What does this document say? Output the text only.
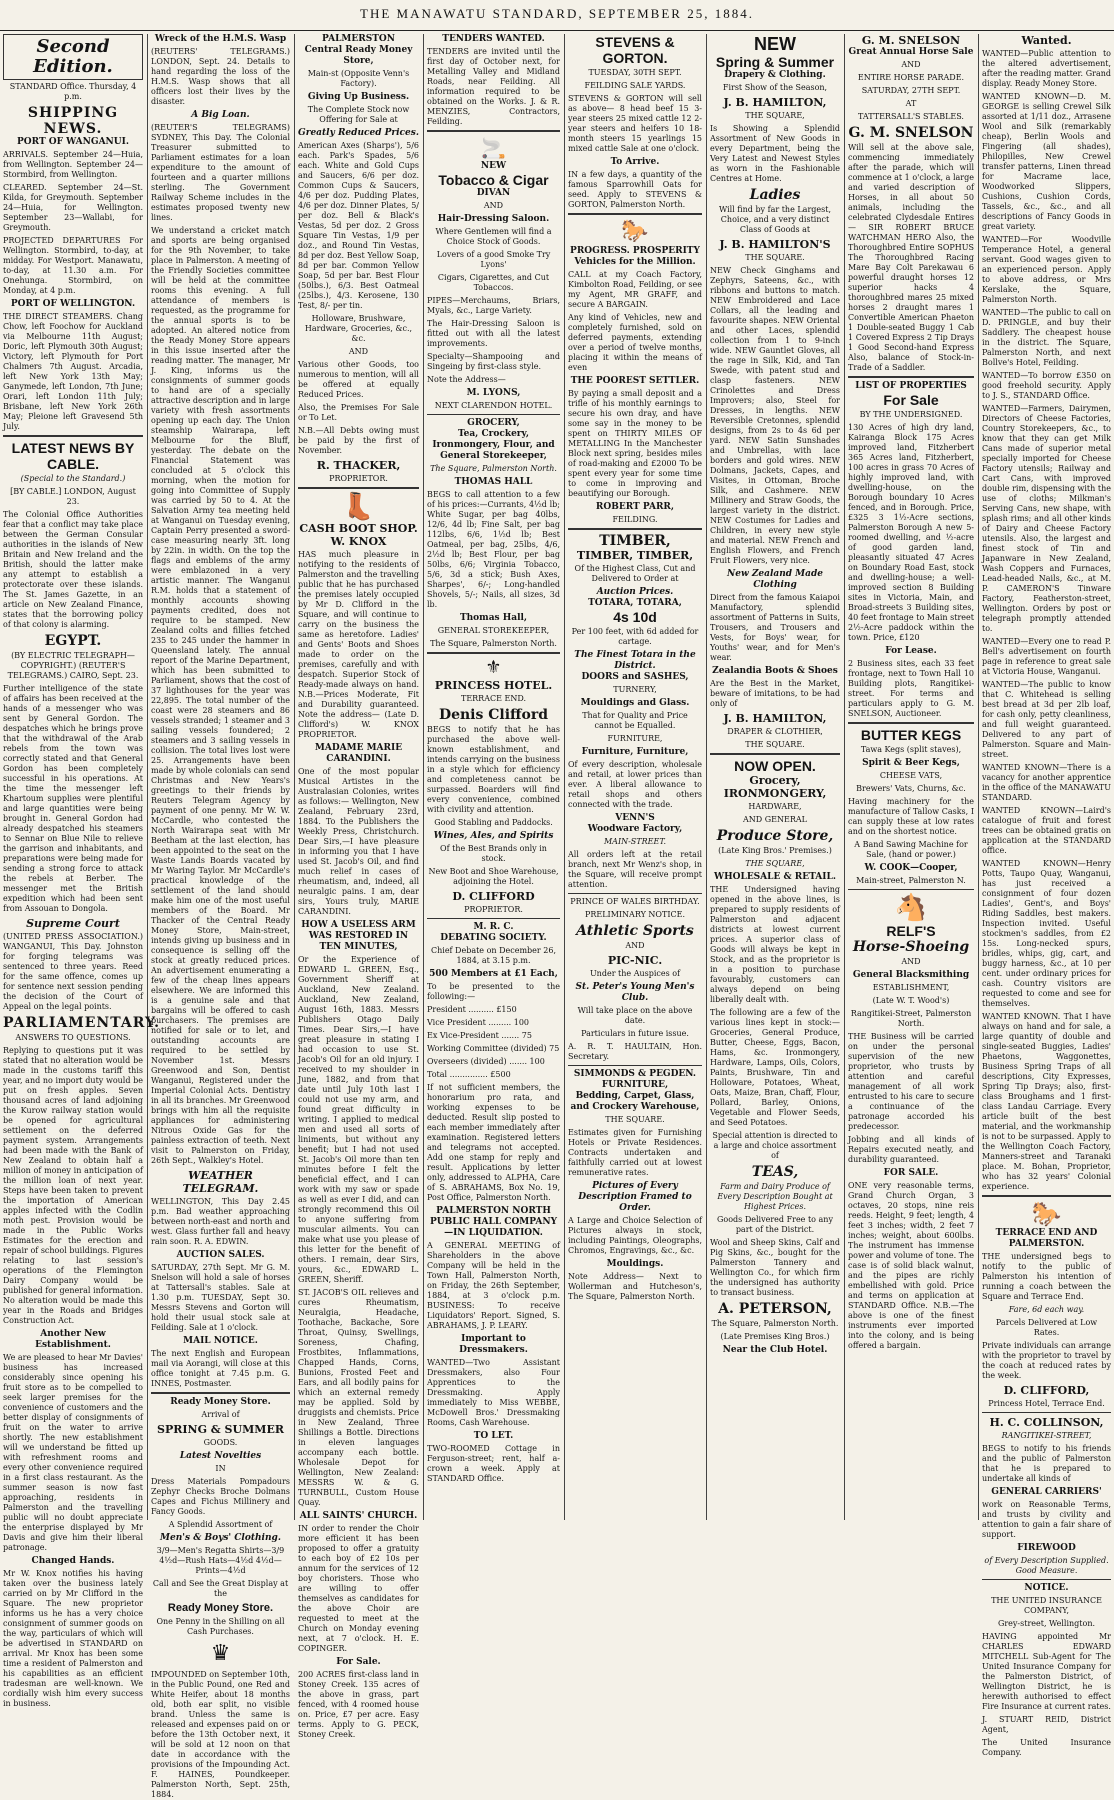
THE MANAWATU STANDARD, SEPTEMBER 25, 1884.
Second Edition.
STANDARD Office. Thursday, 4 p.m.
SHIPPING NEWS.
PORT OF WANGANUI.
ARRIVALS. September 24—Huia, from Wellington. September 24—Stormbird, from Wellington.
CLEARED. September 24—St. Kilda, for Greymouth. September 24—Huia, for Wellington. September 23—Wallabi, for Greymouth.
PROJECTED DEPARTURES For Wellington. Stormbird, to-day, at midday. For Westport. Manawatu, to-day, at 11.30 a.m. For Onehunga. Stormbird, on Monday, at 4 p.m.
PORT OF WELLINGTON.
THE DIRECT STEAMERS. Chang Chow, left Foochow for Auckland via Melbourne 11th August; Doric, left Plymouth 30th August; Victory, left Plymouth for Port Chalmers 7th August. Arcadia, left New York 13th May; Ganymede, left London, 7th June; Orari, left London 11th July; Brisbane, left New York 26th May; Pleione left Gravesend 5th July.
LATEST NEWS BY CABLE.
(Special to the Standard.)
[BY CABLE.] LONDON, August 23.
The Colonial Office Authorities fear that a conflict may take place between the German Consular authorities in the islands of New Britain and New Ireland and the British, should the latter make any attempt to establish a protectorate over these islands. The St. James Gazette, in an article on New Zealand Finance, states that the borrowing policy of that colony is alarming.
EGYPT.
(BY ELECTRIC TELEGRAPH—COPYRIGHT.) (REUTER'S TELEGRAMS.) CAIRO, Sept. 23.
Further intelligence of the state of affairs has been received at the hands of a messenger who was sent by General Gordon. The despatches which he brings prove that the withdrawal of the Arab rebels from the town was correctly stated and that General Gordon has been completely successful in his operations. At the time the messenger left Khartoum supplies were plentiful and large quantities were being brought in. General Gordon had already despatched his steamers to Sennar on Blue Nile to relieve the garrison and inhabitants, and preparations were being made for sending a strong force to attack the rebels at Berber. The messenger met the British expedition which had been sent from Assouan to Dongola.
Supreme Court
(UNITED PRESS ASSOCIATION.) WANGANUI, This Day. Johnston for forging telegrams was sentenced to three years. Reed for the same offence, comes up for sentence next session pending the decision of the Court of Appeal on the legal points.
PARLIAMENTARY.
ANSWERS TO QUESTIONS.
Replying to questions put it was stated that no alteration would be made in the customs tariff this year, and no import duty would be put on fresh apples. Seven thousand acres of land adjoining the Kurow railway station would be opened for agricultural settlement on the deferred payment system. Arrangements had been made with the Bank of New Zealand to obtain half a million of money in anticipation of the million loan of next year. Steps have been taken to prevent the importation of American apples infected with the Codlin moth pest. Provision would be made in the Public Works Estimates for the erection and repair of school buildings. Figures relating to last session's operations of the Flemington Dairy Company would be published for general information. No alteration would be made this year in the Roads and Bridges Construction Act.
Another New Establishment.
We are pleased to hear Mr Davies' business has increased considerably since opening his fruit store as to be compelled to seek larger premises for the convenience of customers and the better display of consignments of fruit on the water to arrive shortly. The new establishment will we understand be fitted up with refreshment rooms and every other convenience required in a first class restaurant. As the summer season is now fast approaching, residents in Palmerston and the travelling public will no doubt appreciate the enterprise displayed by Mr Davis and give him their liberal patronage.
Changed Hands.
Mr W. Knox notifies his having taken over the business lately carried on by Mr Clifford in the Square. The new proprietor informs us he has a very choice consignment of summer goods on the way, particulars of which will be advertised in STANDARD on arrival. Mr Knox has been some time a resident of Palmerston and his capabilities as an efficient tradesman are well-known. We cordially wish him every success in business.
Wreck of the H.M.S. Wasp
(REUTERS' TELEGRAMS.) LONDON, Sept. 24. Details to hand regarding the loss of the H.M.S. Wasp shows that all officers lost their lives by the disaster.
A Big Loan.
(REUTER'S TELEGRAMS) SYDNEY, This Day. The Colonial Treasurer submitted to Parliament estimates for a loan expenditure to the amount of fourteen and a quarter millions sterling. The Government Railway Scheme includes in the estimates proposed twenty new lines.
We understand a cricket match and sports are being organised for the 9th November, to take place in Palmerston. A meeting of the Friendly Societies committee will be held at the committee rooms this evening. A full attendance of members is requested, as the programme for the annual sports is to be adopted. An altered notice from the Ready Money Store appears in this issue inserted after the reading matter. The manager, Mr J. King, informs us the consignments of summer goods to hand are of a specially attractive description and in large variety with fresh assortments opening up each day. The Union steamship Wairarapa, left Melbourne for the Bluff, yesterday. The debate on the Financial Statement was concluded at 5 o'clock this morning, when the motion for going into Committee of Supply was carried by 50 to 4. At the Salvation Army tea meeting held at Wanganui on Tuesday evening, Captain Perry presented a sword-case measuring nearly 3ft. long by 22in. in width. On the top the flags and emblems of the army were emblazoned in a very artistic manner. The Wanganui R.M. holds that a statement of monthly accounts showing payments credited, does not require to be stamped. New Zealand colts and fillies fetched 235 to 245 under the hammer in Queensland lately. The annual report of the Marine Department, which has been submitted to Parliament, shows that the cost of 37 lighthouses for the year was 22,895. The total number of the coast were 28 steamers and 86 vessels stranded; 1 steamer and 3 sailing vessels foundered; 2 steamers and 3 sailing vessels in collision. The total lives lost were 25. Arrangements have been made by whole colonials can send Christmas and New Years's greetings to their friends by Reuters Telegram Agency by payment of one penny. Mr W. W. McCardle, who contested the North Wairarapa seat with Mr Beetham at the last election, has been appointed to the seat on the Waste Lands Boards vacated by Mr Waring Taylor. Mr McCardle's practical knowledge of the settlement of the land should make him one of the most useful members of the Board. Mr Thacker of the Central Ready Money Store, Main-street, intends giving up business and in consequence is selling off the stock at greatly reduced prices. An advertisement enumerating a few of the cheap lines appears elsewhere. We are informed this is a genuine sale and that bargains will be offered to cash purchasers. The premises are notified for sale or to let, and outstanding accounts are required to be settled by November 1st. Messrs Greenwood and Son, Dentist Wanganui, Registered under the Imperial Colonial Acts. Dentistry in all its branches. Mr Greenwood brings with him all the requisite appliances for administering Nitrous Oxide Gas for the painless extraction of teeth. Next visit to Palmerston on Friday, 26th Sept., Walkley's Hotel.
WEATHER TELEGRAM.
WELLINGTON, This Day 2.45 p.m. Bad weather approaching between north-east and north and west. Glass further fall and heavy rain soon. R. A. EDWIN.
AUCTION SALES.
SATURDAY, 27th Sept. Mr G. M. Snelson will hold a sale of horses at Tattersall's stables. Sale at 1.30 p.m. TUESDAY, Sept 30. Messrs Stevens and Gorton will hold their usual stock sale at Feilding. Sale at 1 o'clock.
MAIL NOTICE.
The next English and European mail via Aorangi, will close at this office tonight at 7.45 p.m. G. INNES, Postmaster.
Ready Money Store.
Arrival of
SPRING & SUMMER
GOODS.
Latest Novelties
IN
Dress Materials Pompadours Zephyr Checks Broche Dolmans Capes and Fichus Millinery and Fancy Goods.
A Splendid Assortment of
Men's & Boys' Clothing.
3/9—Men's Regatta Shirts—3/9 4½d—Rush Hats—4½d 4½d—Prints—4½d
Call and See the Great Display at the
Ready Money Store.
One Penny in the Shilling on all Cash Purchases.
♛
IMPOUNDED on September 10th, in the Public Pound, one Red and White Heifer, about 18 months old, both ear split, no visible brand. Unless the same is released and expenses paid on or before the 13th October next, it will be sold at 12 noon on that date in accordance with the provisions of the Impounding Act. F. HAINES, Poundkeeper. Palmerston North, Sept. 25th, 1884.
PALMERSTON
Central Ready Money Store,
Main-st (Opposite Venn's Factory).
Giving Up Business.
The Complete Stock now Offering for Sale at
Greatly Reduced Prices.
American Axes (Sharps'), 5/6 each. Park's Spades, 5/6 each. White and Gold Cups and Saucers, 6/6 per doz. Common Cups & Saucers, 4/6 per doz. Pudding Plates, 4/6 per doz. Dinner Plates, 5/ per doz. Bell & Black's Vestas, 5d per doz. 2 Gross Square Tin Vestas, 1/9 per doz., and Round Tin Vestas, 8d per doz. Best Yellow Soap, 8d per bar. Common Yellow Soap, 5d per bar. Best Flour (50lbs.), 6/3. Best Oatmeal (25lbs.), 4/3. Kerosene, 130 Test, 8/- per tin.
Holloware, Brushware, Hardware, Groceries, &c., &c.
AND
Various other Goods, too numerous to mention, will all be offered at equally Reduced Prices.
Also, the Premises For Sale or To Let.
N.B.—All Debts owing must be paid by the first of November.
R. THACKER,
PROPRIETOR.
👢
CASH BOOT SHOP.
W. KNOX
HAS much pleasure in notifying to the residents of Palmerston and the travelling public that he has purchased the premises lately occupied by Mr D. Clifford in the Square, and will continue to carry on the business the same as heretofore. Ladies' and Gents' Boots and Shoes made to order on the premises, carefully and with despatch. Superior Stock of Ready-made always on hand. N.B.—Prices Moderate, Fit and Durability guaranteed. Note the address— (Late D. Clifford's) W. KNOX PROPRIETOR.
MADAME MARIE CARANDINI.
One of the most popular Musical Artistes in the Australasian Colonies, writes as follows:— Wellington, New Zealand, February 23rd, 1884. To the Publishers the Weekly Press, Christchurch. Dear Sirs,—I have pleasure in informing you that I have used St. Jacob's Oil, and find much relief in cases of rheumatism, and, indeed, all neuralgic pains. I am, dear sirs, Yours truly, MARIE CARANDINI.
HOW A USELESS ARM WAS RESTORED IN TEN MINUTES,
Or the Experience of EDWARD L. GREEN, Esq., Government Sheriff at Auckland, New Zealand. Auckland, New Zealand, August 16th, 1883. Messrs Publishers Otago Daily Times. Dear Sirs,—I have great pleasure in stating I had occasion to use St. Jacob's Oil for an old injury. I received to my shoulder in June, 1882, and from that date until July 10th last I could not use my arm, and found great difficulty in writing. I applied to medical men and used all sorts of liniments, but without any benefit; but I had not used St. Jacob's Oil more than ten minutes before I felt the beneficial effect, and I can work with my saw or spade as well as ever I did, and can strongly recommend this Oil to anyone suffering from muscular ailments. You can make what use you please of this letter for the benefit of others. I remain, dear Sirs, yours, &c., EDWARD L. GREEN, Sheriff.
ST. JACOB'S OIL relieves and cures Rheumatism, Neuralgia, Headache, Toothache, Backache, Sore Throat, Quinsy, Swellings, Soreness, Chafing, Frostbites, Inflammations, Chapped Hands, Corns, Bunions, Frosted Feet and Ears, and all bodily pains for which an external remedy may be applied. Sold by druggists and chemists. Price in New Zealand, Three Shillings a Bottle. Directions in eleven languages accompany each bottle. Wholesale Depot for Wellington, New Zealand: MESSRS W. & G. TURNBULL, Custom House Quay.
ALL SAINTS' CHURCH.
IN order to render the Choir more efficient it has been proposed to offer a gratuity to each boy of £2 10s per annum for the services of 12 boy choristers. Those who are willing to offer themselves as candidates for the above Choir are requested to meet at the Church on Monday evening next, at 7 o'clock. H. E. COPINGER.
For Sale.
200 ACRES first-class land in Stoney Creek. 135 acres of the above in grass, part fenced, with 4 roomed house on. Price, £7 per acre. Easy terms. Apply to G. PECK, Stoney Creek.
TENDERS WANTED.
TENDERS are invited until the first day of October next, for Metalling Valley and Midland Roads, near Feilding. All information required to be obtained on the Works. J. & R. MENZIES, Contractors, Feilding.
🚬
NEW
Tobacco & Cigar
DIVAN
AND
Hair-Dressing Saloon.
Where Gentlemen will find a Choice Stock of Goods.
Lovers of a good Smoke Try Lyons'
Cigars, Cigarettes, and Cut Tobaccos.
PIPES—Merchaums, Briars, Myals, &c., Large Variety.
The Hair-Dressing Saloon is fitted out with all the latest improvements.
Specialty—Shampooing and Singeing by first-class style.
Note the Address—
M. LYONS,
NEXT CLARENDON HOTEL.
GROCERY,
Tea, Crockery, Ironmongery, Flour, and General Storekeeper,
The Square, Palmerston North.
THOMAS HALL
BEGS to call attention to a few of his prices:—Currants, 4½d lb; White Sugar, per bag 40lbs, 12/6, 4d lb; Fine Salt, per bag 112lbs, 6/6, 1½d lb; Best Oatmeal, per bag, 25lbs, 4/6, 2½d lb; Best Flour, per bag 50lbs, 6/6; Virginia Tobacco, 5/6, 3d a stick; Bush Axes, Sharpes', 6/-; Long-handled Shovels, 5/-; Nails, all sizes, 3d lb.
Thomas Hall,
GENERAL STOREKEEPER,
The Square, Palmerston North.
⚜
PRINCESS HOTEL.
TERRACE END.
Denis Clifford
BEGS to notify that he has purchased the above well-known establishment, and intends carrying on the business in a style which for efficiency and completeness cannot be surpassed. Boarders will find every convenience, combined with civility and attention.
Good Stabling and Paddocks.
Wines, Ales, and Spirits
Of the Best Brands only in stock.
New Boot and Shoe Warehouse, adjoining the Hotel.
D. CLIFFORD
PROPRIETOR.
M. R. C.
DEBATING SOCIETY.
Chief Debate on December 26, 1884, at 3.15 p.m.
500 Members at £1 Each,
To be presented to the following:—
President .......... £150
Vice President ......... 100
Ex Vice-President ....... 75
Working Committee (divided) 75
Overseers (divided) ....... 100
Total ............... £500
If not sufficient members, the honorarium pro rata, and working expenses to be deducted. Result slip posted to each member immediately after examination. Registered letters and telegrams not accepted. Add one stamp for reply and result. Applications by letter only, addressed to ALPHA, Care of S. ABRAHAMS, Box No. 19, Post Office, Palmerston North.
PALMERSTON NORTH PUBLIC HALL COMPANY—IN LIQUIDATION.
A GENERAL MEETING of Shareholders in the above Company will be held in the Town Hall, Palmerston North, on Friday, the 26th September, 1884, at 3 o'clock p.m. BUSINESS: To receive Liquidators' Report. Signed, S. ABRAHAMS, J. P. LEARY.
Important to Dressmakers.
WANTED—Two Assistant Dressmakers, also Four Apprentices to the Dressmaking. Apply immediately to Miss WEBBE, McDowell Bros.' Dressmaking Rooms, Cash Warehouse.
TO LET.
TWO-ROOMED Cottage in Ferguson-street; rent, half a-crown a week. Apply at STANDARD Office.
STEVENS & GORTON.
TUESDAY, 30TH SEPT.
FEILDING SALE YARDS.
STEVENS & GORTON will sell as above— 8 head beef 15 3-year steers 25 mixed cattle 12 2-year steers and heifers 10 18-month steers 15 yearlings 15 mixed cattle Sale at one o'clock.
To Arrive.
IN a few days, a quantity of the famous Sparrowhill Oats for seed. Apply to STEVENS & GORTON, Palmerston North.
🐎
PROGRESS. PROSPERITY
Vehicles for the Million.
CALL at my Coach Factory, Kimbolton Road, Feilding, or see my Agent, MR GRAFF, and secure A BARGAIN.
Any kind of Vehicles, new and completely furnished, sold on deferred payments, extending over a period of twelve months, placing it within the means of even
THE POOREST SETTLER.
By paying a small deposit and a trifle of his monthly earnings to secure his own dray, and have some say in the money to be spent on THIRTY MILES OF METALLING In the Manchester Block next spring, besides miles of road-making and £2000 To be spent every year for some time to come in improving and beautifying our Borough.
ROBERT PARR,
FEILDING.
TIMBER,
TIMBER, TIMBER,
Of the Highest Class, Cut and Delivered to Order at
Auction Prices.
TOTARA, TOTARA,
4s 10d
Per 100 feet, with 6d added for cartage.
The Finest Totara in the District.
DOORS and SASHES,
TURNERY,
Mouldings and Glass.
That for Quality and Price cannot be Equalled.
FURNITURE,
Furniture, Furniture,
Of every description, wholesale and retail, at lower prices than ever. A liberal allowance to retail shops and others connected with the trade.
VENN'S
Woodware Factory,
MAIN-STREET.
All orders left at the retail branch, next Mr Wenz's shop, in the Square, will receive prompt attention.
PRINCE OF WALES BIRTHDAY.
PRELIMINARY NOTICE.
Athletic Sports
AND
PIC-NIC.
Under the Auspices of
St. Peter's Young Men's Club.
Will take place on the above date.
Particulars in future issue.
A. R. T. HAULTAIN, Hon. Secretary.
SIMMONDS & PEGDEN.
FURNITURE,
Bedding, Carpet, Glass, and Crockery Warehouse,
THE SQUARE.
Estimates given for Furnishing Hotels or Private Residences. Contracts undertaken and faithfully carried out at lowest remunerative rates.
Pictures of Every Description Framed to Order.
A Large and Choice Selection of Pictures always in stock, including Paintings, Oleographs, Chromos, Engravings, &c., &c.
Mouldings.
Note Address— Next to Wollerman and Hutcheson's, The Square, Palmerston North.
NEW
Spring & Summer
Drapery & Clothing.
First Show of the Season,
J. B. HAMILTON,
THE SQUARE,
Is Showing a Splendid Assortment of New Goods in every Department, being the Very Latest and Newest Styles as worn in the Fashionable Centres at Home.
Ladies
Will find by far the Largest, Choice, and a very distinct Class of Goods at
J. B. HAMILTON'S
THE SQUARE.
NEW Check Ginghams and Zephyrs, Sateens, &c., with ribbons and buttons to match. NEW Embroidered and Lace Collars, all the leading and favourite shapes. NEW Oriental and other Laces, splendid collection from 1 to 9-inch wide. NEW Gauntlet Gloves, all the rage in Silk, Kid, and Tan Swede, with patent stud and clasp fasteners. NEW Crinolettes and Dress Improvers; also, Steel for Dresses, in lengths. NEW Reversible Cretonnes, splendid designs, from 2s to 4s 6d per yard. NEW Satin Sunshades and Umbrellas, with lace borders and gold wires. NEW Dolmans, Jackets, Capes, and Visites, in Ottoman, Broche Silk, and Cashmere. NEW Millinery and Straw Goods, the largest variety in the district. NEW Costumes for Ladies and Children, in every new style and material. NEW French and English Flowers, and French Fruit Flowers, very nice.
New Zealand Made Clothing
Direct from the famous Kaiapoi Manufactory, splendid assortment of Patterns in Suits, Trousers, and Trousers and Vests, for Boys' wear, for Youths' wear, and for Men's wear.
Zealandia Boots & Shoes
Are the Best in the Market, beware of imitations, to be had only of
J. B. HAMILTON,
DRAPER & CLOTHIER,
THE SQUARE.
NOW OPEN.
Grocery,
IRONMONGERY,
HARDWARE,
AND GENERAL
Produce Store,
(Late King Bros.' Premises.)
THE SQUARE,
WHOLESALE & RETAIL.
THE Undersigned having opened in the above lines, is prepared to supply residents of Palmerston and adjacent districts at lowest current prices. A superior class of Goods will always be kept in Stock, and as the proprietor is in a position to purchase favourably, customers can always depend on being liberally dealt with.
The following are a few of the various lines kept in stock:— Groceries, General Produce, Butter, Cheese, Eggs, Bacon, Hams, &c. Ironmongery, Hardware, Lamps, Oils, Colors, Paints, Brushware, Tin and Holloware, Potatoes, Wheat, Oats, Maize, Bran, Chaff, Flour, Pollard, Barley, Onions, Vegetable and Flower Seeds, and Seed Potatoes.
Special attention is directed to a large and choice assortment of
TEAS,
Farm and Dairy Produce of Every Description Bought at Highest Prices.
Goods Delivered Free to any part of the District.
Wool and Sheep Skins, Calf and Pig Skins, &c., bought for the Palmerston Tannery and Wellington Co., for which firm the undersigned has authority to transact business.
A. PETERSON,
The Square, Palmerston North.
(Late Premises King Bros.)
Near the Club Hotel.
G. M. SNELSON
Great Annual Horse Sale
AND
ENTIRE HORSE PARADE.
SATURDAY, 27TH SEPT.
AT
TATTERSALL'S STABLES.
G. M. SNELSON
Will sell at the above sale, commencing immediately after the parade, which will commence at 1 o'clock, a large and varied description of Horses, in all about 50 animals, including the celebrated Clydesdale Entires— SIR ROBERT BRUCE WATCHMAN HERO Also, the Thoroughbred Entire SOPHUS The Thoroughbred Racing Mare Bay Colt Parekawau 6 powerful draught horses 12 superior hacks 4 thoroughbred mares 25 mixed horses 2 draught mares 1 Convertible American Phaeton 1 Double-seated Buggy 1 Cab 1 Covered Express 2 Tip Drays 1 Good Second-hand Express Also, balance of Stock-in-Trade of a Saddler.
LIST OF PROPERTIES
For Sale
BY THE UNDERSIGNED.
130 Acres of high dry land, Kairanga Block 175 Acres improved land, Fitzherbert 365 Acres land, Fitzherbert, 100 acres in grass 70 Acres of highly improved land, with dwelling-house, on the Borough boundary 10 Acres fenced, and in Borough. Price, £325 3 1½-Acre sections, Palmerston Borough A new 5-roomed dwelling, and ½-acre of good garden land, pleasantly situated 47 Acres on Boundary Road East, stock and dwelling-house; a well-improved section 8 Building sites in Victoria, Main, and Broad-streets 3 Building sites, 40 feet frontage to Main street 2½-Acre paddock within the town. Price, £120
For Lease.
2 Business sites, each 33 feet frontage, next to Town Hall 10 Building plots, Rangitikei-street. For terms and particulars apply to G. M. SNELSON, Auctioneer.
BUTTER KEGS
Tawa Kegs (split staves),
Spirit & Beer Kegs,
CHEESE VATS,
Brewers' Vats, Churns, &c.
Having machinery for the manufacture of Tallow Casks, I can supply these at low rates and on the shortest notice.
A Band Sawing Machine for Sale, (hand or power.)
W. COOK—Cooper,
Main-street, Palmerston N.
🐴
RELF'S
Horse-Shoeing
AND
General Blacksmithing
ESTABLISHMENT,
(Late W. T. Wood's)
Rangitikei-Street, Palmerston North.
THE Business will be carried on under the personal supervision of the new proprietor, who trusts by attention and careful management of all work entrusted to his care to secure a continuance of the patronage accorded his predecessor.
Jobbing and all kinds of Repairs executed neatly, and durability guaranteed.
FOR SALE.
ONE very reasonable terms, Grand Church Organ, 3 octaves, 20 stops, nine reis reeds. Height, 9 feet; length, 4 feet 3 inches; width, 2 feet 7 inches; weight, about 600lbs. The instrument has immense power and volume of tone. The case is of solid black walnut, and the pipes are richly embellished with gold. Price and terms on application at STANDARD Office. N.B.—The above is one of the finest instruments ever imported into the colony, and is being offered a bargain.
Wanted.
WANTED—Public attention to the altered advertisement, after the reading matter. Grand display. Ready Money Store.
WANTED KNOWN—D. M. GEORGE is selling Crewel Silk assorted at 1/11 doz., Arrasene Wool and Silk (remarkably cheap), Berlin Wools and Fingering (all shades), Philopilles, New Crewel transfer patterns, Linen thread for Macrame lace, Woodworked Slippers, Cushions, Cushion Cords, Tassels, &c., &c., and all descriptions of Fancy Goods in great variety.
WANTED—For Woodville Temperance Hotel, a general servant. Good wages given to an experienced person. Apply to above address, or Mrs Kerslake, the Square, Palmerston North.
WANTED—The public to call on D. PRINGLE, and buy their Saddlery. The cheapest house in the district. The Square, Palmerston North, and next Bollve's Hotel, Feilding.
WANTED—To borrow £350 on good freehold security. Apply to J. S., STANDARD Office.
WANTED—Farmers, Dairymen, Directors of Cheese Factories, Country Storekeepers, &c., to know that they can get Milk Cans made of superior metal specially imported for Cheese Factory utensils; Railway and Cart Cans, with improved double rim, dispensing with the use of cloths; Milkman's Serving Cans, new shape, with splash rims; and all other kinds of Dairy and Cheese Factory utensils. Also, the largest and finest stock of Tin and Japanware in New Zealand, Wash Coppers and Furnaces, Lead-headed Nails, &c., at M. P. CAMERON'S Tinware Factory, Featherston-street, Wellington. Orders by post or telegraph promptly attended to.
WANTED—Every one to read P. Bell's advertisement on fourth page in reference to great sale at Victoria House, Wanganui.
WANTED—The public to know that C. Whitehead is selling best bread at 3d per 2lb loaf, for cash only, petty cleanliness, and full weight guaranteed. Delivered to any part of Palmerston. Square and Main-street.
WANTED KNOWN—There is a vacancy for another apprentice in the office of the MANAWATU STANDARD.
WANTED KNOWN—Laird's catalogue of fruit and forest trees can be obtained gratis on application at the STANDARD office.
WANTED KNOWN—Henry Potts, Taupo Quay, Wanganui, has just received a consignment of four dozen Ladies', Gent's, and Boys' Riding Saddles, best makers. Inspection invited. Useful stockmen's saddles, from £2 15s. Long-necked spurs, bridles, whips, gig, cart, and buggy harness, &c., at 10 per cent. under ordinary prices for cash. Country visitors are requested to come and see for themselves.
WANTED KNOWN. That I have always on hand and for sale, a large quantity of double and single-seated Buggies, Ladies' Phaetons, Waggonettes, Business Spring Traps of all descriptions, City Expresses, Spring Tip Drays; also, first-class Broughams and 1 first-class Landau Carriage. Every article built of the best material, and the workmanship is not to be surpassed. Apply to the Wellington Coach Factory, Manners-street and Taranaki place. M. Bohan, Proprietor, who has 32 years' Colonial experience.
🐎
TERRACE END AND PALMERSTON.
THE undersigned begs to notify to the public of Palmerston his intention of running a coach between the Square and Terrace End.
Fare, 6d each way.
Parcels Delivered at Low Rates.
Private individuals can arrange with the proprietor to travel by the coach at reduced rates by the week.
D. CLIFFORD,
Princess Hotel, Terrace End.
H. C. COLLINSON,
RANGITIKEI-STREET,
BEGS to notify to his friends and the public of Palmerston that he is prepared to undertake all kinds of
GENERAL CARRIERS'
work on Reasonable Terms, and trusts by civility and attention to gain a fair share of support.
FIREWOOD
of Every Description Supplied. Good Measure.
NOTICE.
THE UNITED INSURANCE COMPANY,
Grey-street, Wellington.
HAVING appointed Mr CHARLES EDWARD MITCHELL Sub-Agent for The United Insurance Company for the Palmerston District, of Wellington District, he is herewith authorised to effect Fire Insurance at current rates.
J. STUART REID, District Agent,
The United Insurance Company.
